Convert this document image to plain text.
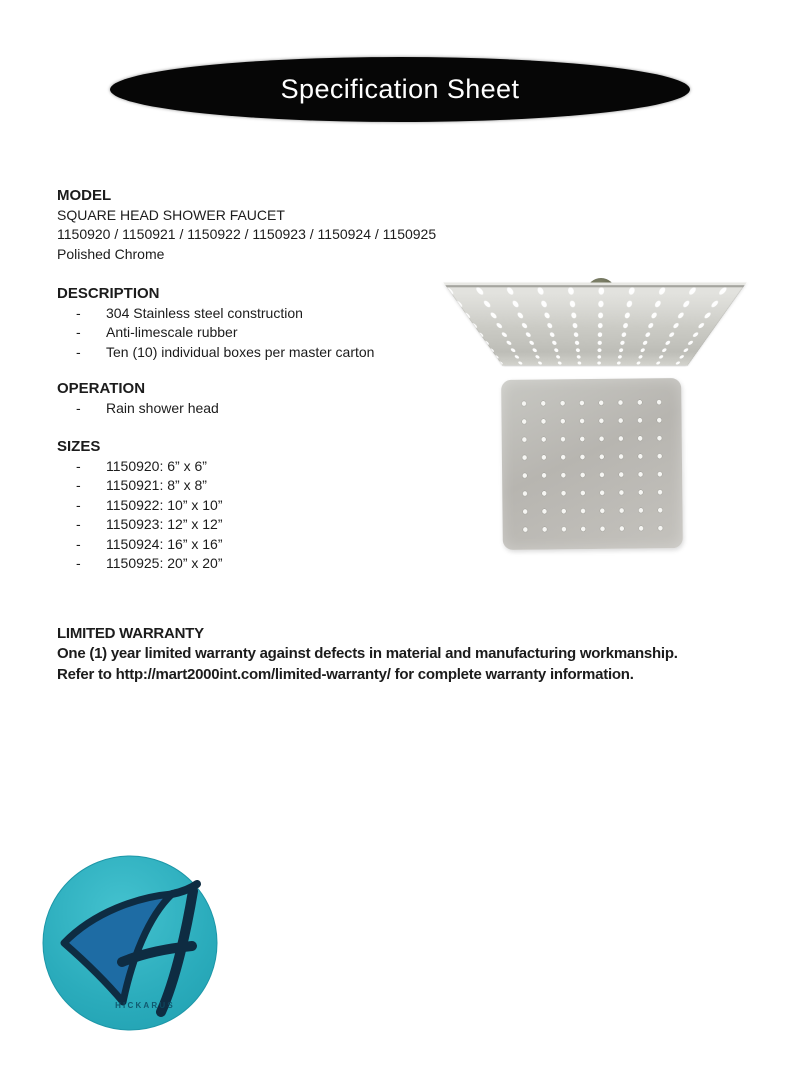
Specification Sheet
MODEL
SQUARE HEAD SHOWER FAUCET
1150920 / 1150921 / 1150922 / 1150923 / 1150924 / 1150925
Polished Chrome
DESCRIPTION
-	304 Stainless steel construction
-	Anti-limescale rubber
-	Ten (10) individual boxes per master carton
OPERATION
-	Rain shower head
SIZES
-	1150920: 6” x 6”
-	1150921: 8” x 8”
-	1150922: 10” x 10”
-	1150923: 12” x 12”
-	1150924: 16” x 16”
-	1150925: 20” x 20”
LIMITED WARRANTY
One (1) year limited warranty against defects in material and manufacturing workmanship.
Refer to http://mart2000int.com/limited-warranty/ for complete warranty information.
HICKARUS
